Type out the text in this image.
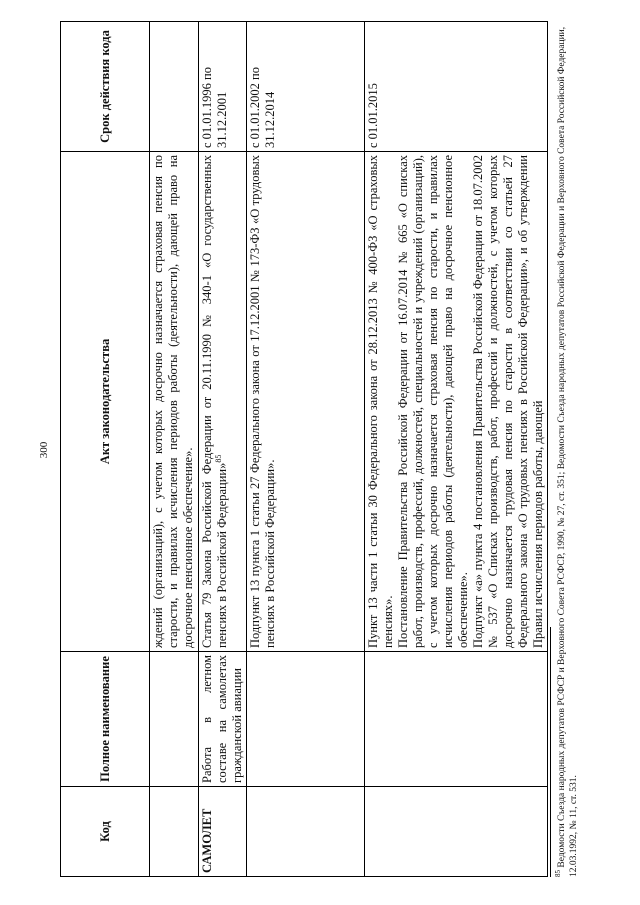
300
Код	Полное наименование	Акт законодательства	Срок действия кода

		ждений (организаций), с учетом которых досрочно назначается страховая пенсия по старости, и правилах исчисления периодов работы (деятельности), дающей право на досрочное пенсионное обеспечение».	

САМОЛЕТ	Работа в летном составе на самолетах гражданской авиации	Статья 79 Закона Российской Федерации от 20.11.1990 № 340-1 «О государственных пенсиях в Российской Федерации»$^{85}$	с 01.01.1996 по 31.12.2001

		Подпункт 13 пункта 1 статьи 27 Федерального закона от 17.12.2001 № 173-ФЗ «О трудовых пенсиях в Российской Федерации».	с 01.01.2002 по 31.12.2014

		Пункт 13 части 1 статьи 30 Федерального закона от 28.12.2013 № 400-ФЗ «О страховых пенсиях». Постановление Правительства Российской Федерации от 16.07.2014 № 665 «О списках работ, производств, профессий, должностей, специальностей и учреждений (организаций), с учетом которых досрочно назначается страховая пенсия по старости, и правилах исчисления периодов работы (деятельности), дающей право на досрочное пенсионное обеспечение». Подпункт «а» пункта 4 постановления Правительства Российской Федерации от 18.07.2002 № 537 «О Списках производств, работ, профессий и должностей, с учетом которых досрочно назначается трудовая пенсия по старости в соответствии со статьей 27 Федерального закона «О трудовых пенсиях в Российской Федерации», и об утверждении Правил исчисления периодов работы, дающей	с 01.01.2015
$^{85}$ Ведомости Съезда народных депутатов РСФСР и Верховного Совета РСФСР, 1990, № 27, ст. 351; Ведомости Съезда народных депутатов Российской Федерации и Верховного Совета Российской Федерации, 12.03.1992, № 11, ст. 531.
